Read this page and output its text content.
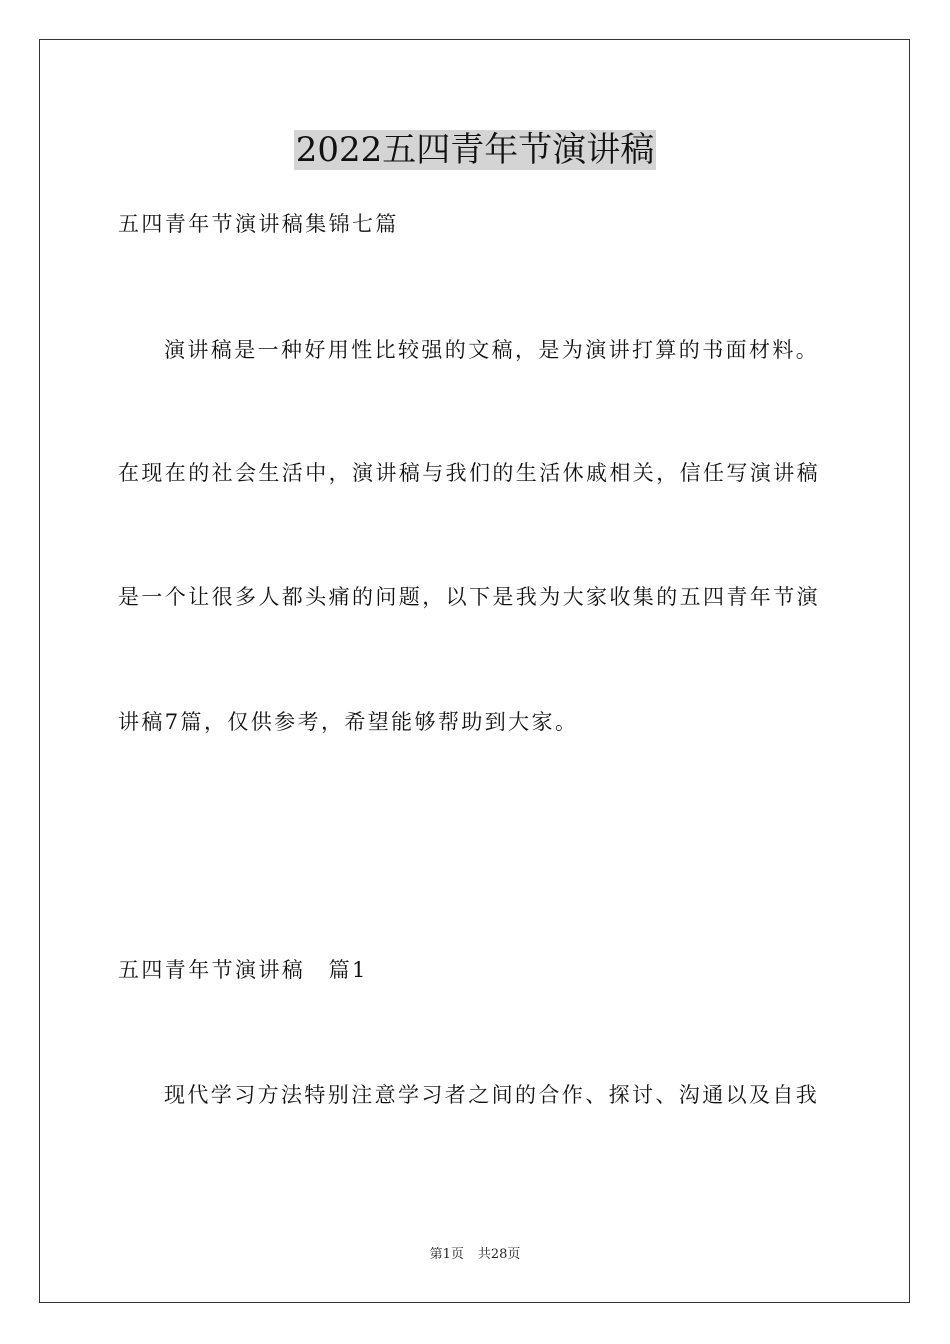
2022五四青年节演讲稿
五四青年节演讲稿集锦七篇
演讲稿是一种好用性比较强的文稿，是为演讲打算的书面材料。
在现在的社会生活中，演讲稿与我们的生活休戚相关，信任写演讲稿
是一个让很多人都头痛的问题，以下是我为大家收集的五四青年节演
讲稿7篇，仅供参考，希望能够帮助到大家。
五四青年节演讲稿　篇1
现代学习方法特别注意学习者之间的合作、探讨、沟通以及自我
第1页 共28页
